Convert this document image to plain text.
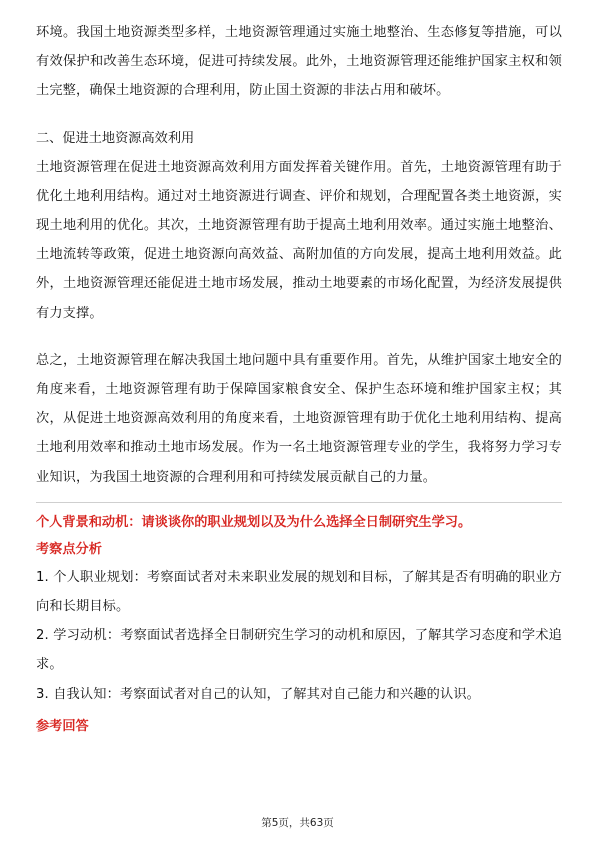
环境。我国土地资源类型多样，土地资源管理通过实施土地整治、生态修复等措施，可以有效保护和改善生态环境，促进可持续发展。此外，土地资源管理还能维护国家主权和领土完整，确保土地资源的合理利用，防止国土资源的非法占用和破坏。

二、促进土地资源高效利用

土地资源管理在促进土地资源高效利用方面发挥着关键作用。首先，土地资源管理有助于优化土地利用结构。通过对土地资源进行调查、评价和规划，合理配置各类土地资源，实现土地利用的优化。其次，土地资源管理有助于提高土地利用效率。通过实施土地整治、土地流转等政策，促进土地资源向高效益、高附加值的方向发展，提高土地利用效益。此外，土地资源管理还能促进土地市场发展，推动土地要素的市场化配置，为经济发展提供有力支撑。

总之，土地资源管理在解决我国土地问题中具有重要作用。首先，从维护国家土地安全的角度来看，土地资源管理有助于保障国家粮食安全、保护生态环境和维护国家主权；其次，从促进土地资源高效利用的角度来看，土地资源管理有助于优化土地利用结构、提高土地利用效率和推动土地市场发展。作为一名土地资源管理专业的学生，我将努力学习专业知识，为我国土地资源的合理利用和可持续发展贡献自己的力量。

个人背景和动机：请谈谈你的职业规划以及为什么选择全日制研究生学习。

考察点分析

1. 个人职业规划：考察面试者对未来职业发展的规划和目标，了解其是否有明确的职业方向和长期目标。

2. 学习动机：考察面试者选择全日制研究生学习的动机和原因，了解其学习态度和学术追求。

3. 自我认知：考察面试者对自己的认知，了解其对自己能力和兴趣的认识。

参考回答

第5页，共63页
